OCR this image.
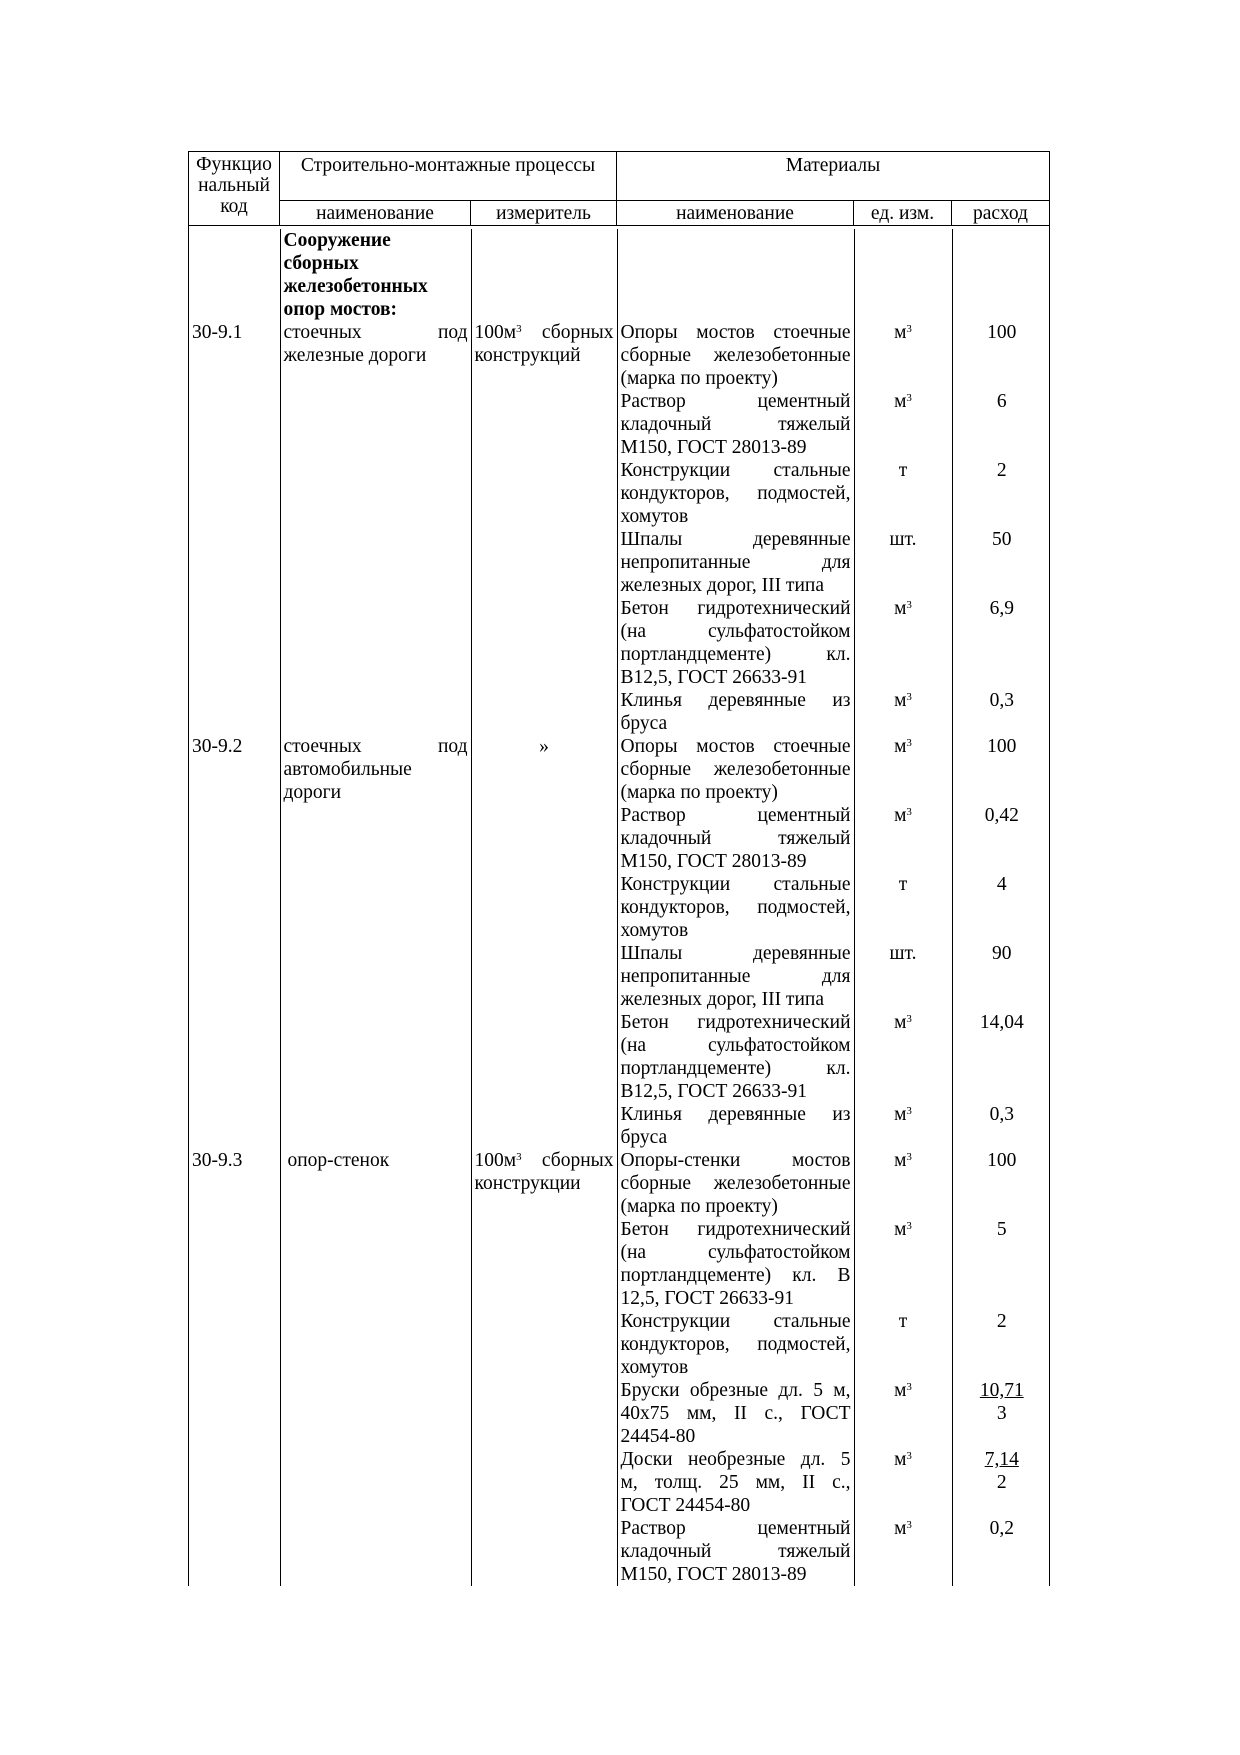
Функцио
нальный
код
Строительно-монтажные процессы	Материалы
наименование	измеритель	наименование	ед. изм.	расход

	Сооружение
сборных
железобетонных
опор мостов:				

30-9.1	стоечных под
железные дороги	$100м^3$ сборных
конструкций	Опоры мостов стоечные
сборные железобетонные
(марка по проекту)	$м^3$	100

			Раствор цементный
кладочный тяжелый
М150, ГОСТ 28013-89	$м^3$	6

			Конструкции стальные
кондукторов, подмостей,
хомутов	т	2

			Шпалы деревянные
непропитанные для
железных дорог, III типа	шт.	50

			Бетон гидротехнический
(на сульфатостойком
портландцементе) кл.
В12,5, ГОСТ 26633-91	$м^3$	6,9

			Клинья деревянные из
бруса	$м^3$	0,3
30-9.2	стоечных под
автомобильные
дороги	»	Опоры мостов стоечные
сборные железобетонные
(марка по проекту)	$м^3$	100

			Раствор цементный
кладочный тяжелый
М150, ГОСТ 28013-89	$м^3$	0,42

			Конструкции стальные
кондукторов, подмостей,
хомутов	т	4

			Шпалы деревянные
непропитанные для
железных дорог, III типа	шт.	90

			Бетон гидротехнический
(на сульфатостойком
портландцементе) кл.
В12,5, ГОСТ 26633-91	$м^3$	14,04

			Клинья деревянные из
бруса	$м^3$	0,3
30-9.3	опор-стенок	$100м^3$ сборных
конструкции	Опоры-стенки мостов
сборные железобетонные
(марка по проекту)	$м^3$	100

			Бетон гидротехнический
(на сульфатостойком
портландцементе) кл. В
12,5, ГОСТ 26633-91	$м^3$	5

			Конструкции стальные
кондукторов, подмостей,
хомутов	т	2

			Бруски обрезные дл. 5 м,
40х75 мм, II с., ГОСТ
24454-80	$м^3$	10,71
3

			Доски необрезные дл. 5
м, толщ. 25 мм, II с.,
ГОСТ 24454-80	$м^3$	7,14
2

			Раствор цементный
кладочный тяжелый
М150, ГОСТ 28013-89	$м^3$	0,2
